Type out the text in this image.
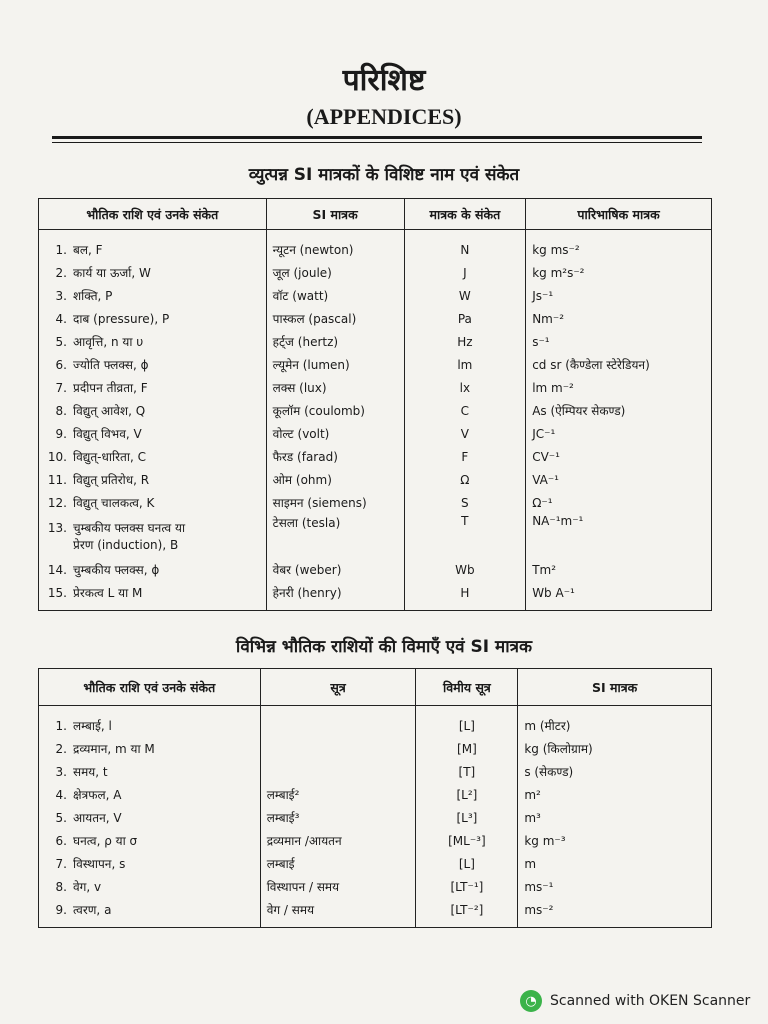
परिशिष्ट
(APPENDICES)
व्युत्पन्न SI मात्रकों के विशिष्ट नाम एवं संकेत
भौतिक राशि एवं उनके संकेत	SI मात्रक	मात्रक के संकेत	पारिभाषिक मात्रक
1. बल, F	न्यूटन (newton)	N	kg ms⁻²
2. कार्य या ऊर्जा, W	जूल (joule)	J	kg m²s⁻²
3. शक्ति, P	वॉट (watt)	W	Js⁻¹
4. दाब (pressure), P	पास्कल (pascal)	Pa	Nm⁻²
5. आवृत्ति, n या υ	हर्ट्ज (hertz)	Hz	s⁻¹
6. ज्योति फ्लक्स, ϕ	ल्यूमेन (lumen)	lm	cd sr (कैण्डेला स्टेरेडियन)
7. प्रदीपन तीव्रता, F	लक्स (lux)	lx	lm m⁻²
8. विद्युत् आवेश, Q	कूलॉम (coulomb)	C	As (ऐम्पियर सेकण्ड)
9. विद्युत् विभव, V	वोल्ट (volt)	V	JC⁻¹
10. विद्युत्-धारिता, C	फैरड (farad)	F	CV⁻¹
11. विद्युत् प्रतिरोध, R	ओम (ohm)	Ω	VA⁻¹
12. विद्युत् चालकत्व, K	साइमन (siemens)	S	Ω⁻¹
13. चुम्बकीय फ्लक्स घनत्व या
प्रेरण (induction), B	टेसला (tesla)	T	NA⁻¹m⁻¹
14. चुम्बकीय फ्लक्स, ϕ	वेबर (weber)	Wb	Tm²
15. प्रेरकत्व L या M	हेनरी (henry)	H	Wb A⁻¹
विभिन्न भौतिक राशियों की विमाएँ एवं SI मात्रक
भौतिक राशि एवं उनके संकेत	सूत्र	विमीय सूत्र	SI मात्रक
1. लम्बाई, l		[L]	m (मीटर)
2. द्रव्यमान, m या M		[M]	kg (किलोग्राम)
3. समय, t		[T]	s (सेकण्ड)
4. क्षेत्रफल, A	लम्बाई²	[L²]	m²
5. आयतन, V	लम्बाई³	[L³]	m³
6. घनत्व, ρ या σ	द्रव्यमान /आयतन	[ML⁻³]	kg m⁻³
7. विस्थापन, s	लम्बाई	[L]	m
8. वेग, v	विस्थापन / समय	[LT⁻¹]	ms⁻¹
9. त्वरण, a	वेग / समय	[LT⁻²]	ms⁻²
◔ Scanned with OKEN Scanner
